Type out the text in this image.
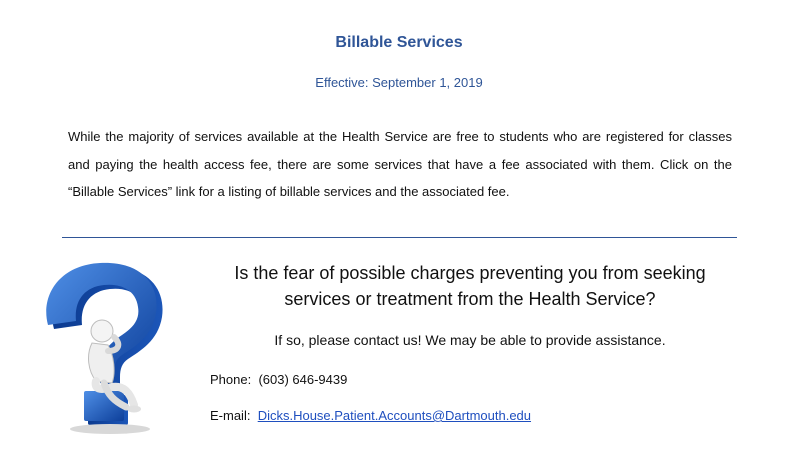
Billable Services
Effective: September 1, 2019
While the majority of services available at the Health Service are free to students who are registered for classes and paying the health access fee, there are some services that have a fee associated with them. Click on the “Billable Services” link for a listing of billable services and the associated fee.
Is the fear of possible charges preventing you from seeking
services or treatment from the Health Service?
If so, please contact us! We may be able to provide assistance.
Phone: (603) 646-9439
E-mail: Dicks.House.Patient.Accounts@Dartmouth.edu
